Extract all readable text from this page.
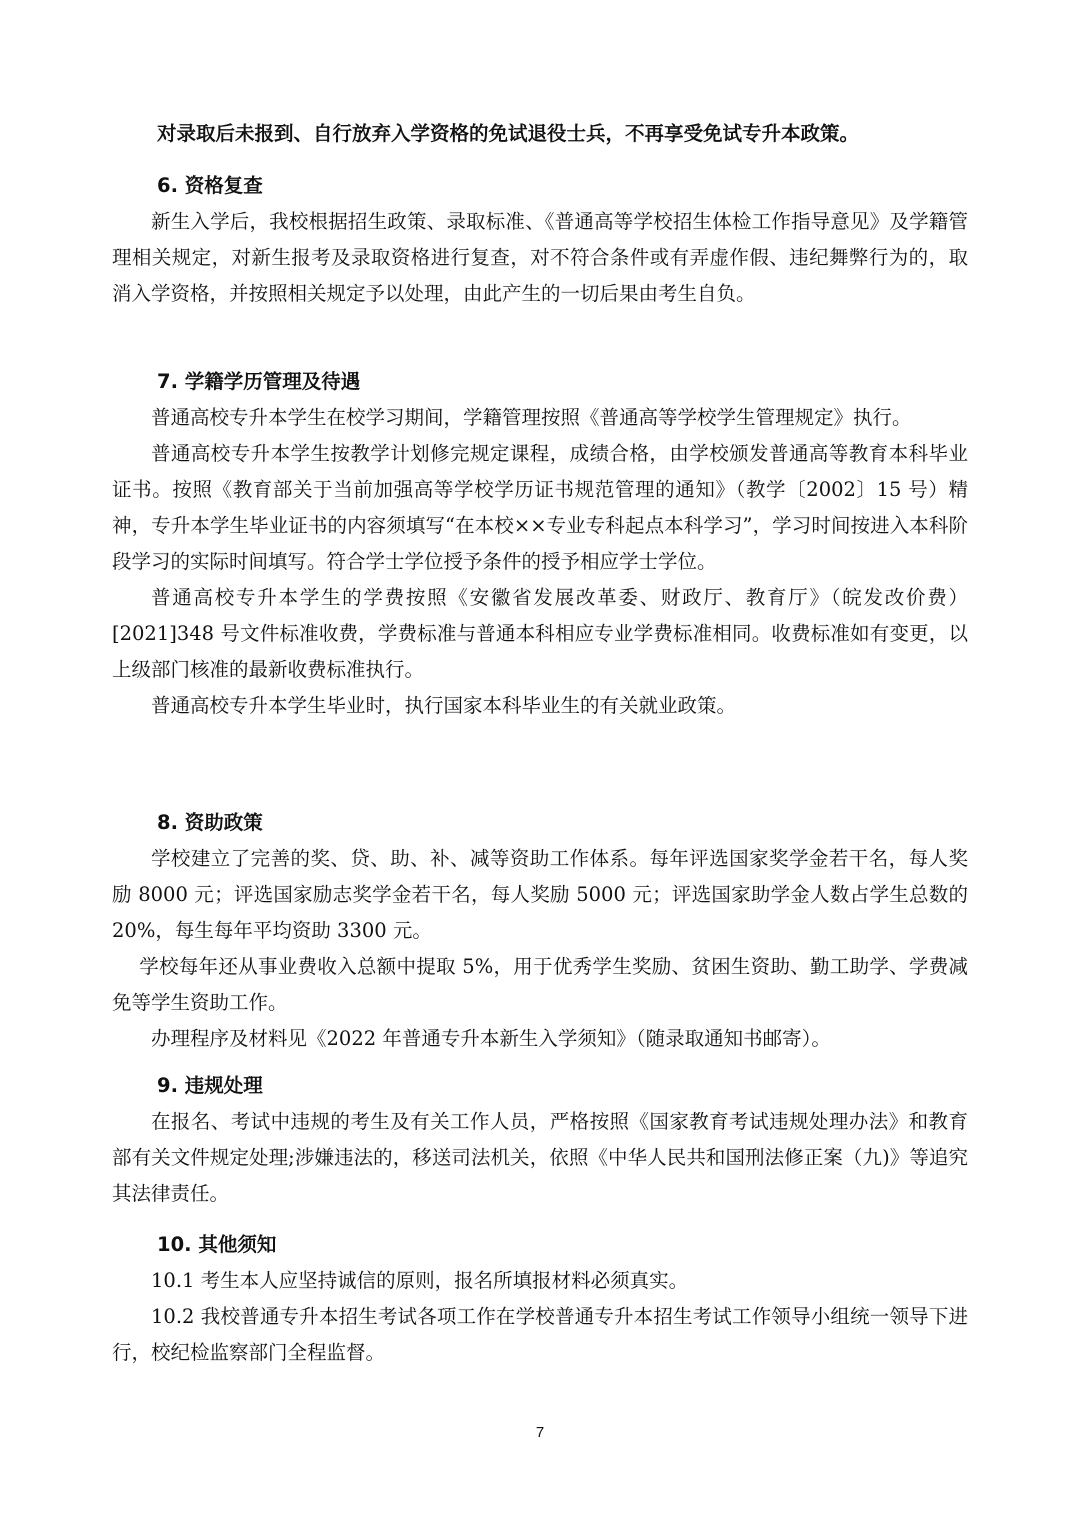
对录取后未报到、自行放弃入学资格的免试退役士兵，不再享受免试专升本政策。

6. 资格复查

新生入学后，我校根据招生政策、录取标准、《普通高等学校招生体检工作指导意见》及学籍管理相关规定，对新生报考及录取资格进行复查，对不符合条件或有弄虚作假、违纪舞弊行为的，取消入学资格，并按照相关规定予以处理，由此产生的一切后果由考生自负。

7. 学籍学历管理及待遇

普通高校专升本学生在校学习期间，学籍管理按照《普通高等学校学生管理规定》执行。

普通高校专升本学生按教学计划修完规定课程，成绩合格，由学校颁发普通高等教育本科毕业证书。按照《教育部关于当前加强高等学校学历证书规范管理的通知》（教学〔2002〕15 号）精神，专升本学生毕业证书的内容须填写“在本校××专业专科起点本科学习”，学习时间按进入本科阶段学习的实际时间填写。符合学士学位授予条件的授予相应学士学位。

普通高校专升本学生的学费按照《安徽省发展改革委、财政厅、教育厅》（皖发改价费）[2021]348 号文件标准收费，学费标准与普通本科相应专业学费标准相同。收费标准如有变更，以上级部门核准的最新收费标准执行。

普通高校专升本学生毕业时，执行国家本科毕业生的有关就业政策。

8. 资助政策

学校建立了完善的奖、贷、助、补、减等资助工作体系。每年评选国家奖学金若干名，每人奖励 8000 元；评选国家励志奖学金若干名，每人奖励 5000 元；评选国家助学金人数占学生总数的 20%，每生每年平均资助 3300 元。

学校每年还从事业费收入总额中提取 5%，用于优秀学生奖励、贫困生资助、勤工助学、学费减免等学生资助工作。

办理程序及材料见《2022 年普通专升本新生入学须知》（随录取通知书邮寄）。

9. 违规处理

在报名、考试中违规的考生及有关工作人员，严格按照《国家教育考试违规处理办法》和教育部有关文件规定处理;涉嫌违法的，移送司法机关，依照《中华人民共和国刑法修正案（九)》等追究其法律责任。

10. 其他须知

10.1 考生本人应坚持诚信的原则，报名所填报材料必须真实。

10.2 我校普通专升本招生考试各项工作在学校普通专升本招生考试工作领导小组统一领导下进行，校纪检监察部门全程监督。

7
